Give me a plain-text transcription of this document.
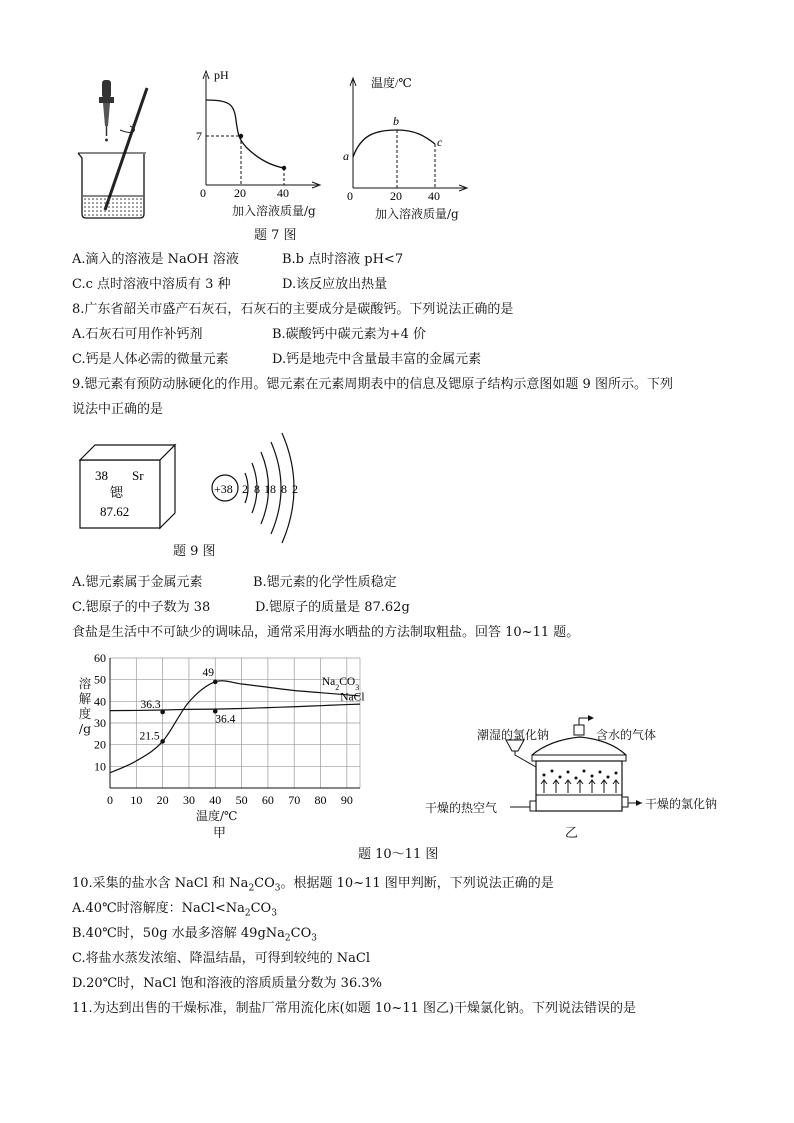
pH
7
0 20	40
加入溶液质量/g
温度/℃
a
b
c
0	20 40
加入溶液质量/g
题 7 图
A.滴入的溶液是 NaOH 溶液	B.b 点时溶液 pH<7
C.c 点时溶液中溶质有 3 种	D.该反应放出热量
8.广东省韶关市盛产石灰石，石灰石的主要成分是碳酸钙。下列说法正确的是
A.石灰石可用作补钙剂	B.碳酸钙中碳元素为+4 价
C.钙是人体必需的微量元素	D.钙是地壳中含量最丰富的金属元素
9.锶元素有预防动脉硬化的作用。锶元素在元素周期表中的信息及锶原子结构示意图如题 9 图所示。下列
说法中正确的是
38 Sr
锶
87.62
+38 2 8 18 8 2
题 9 图
A.锶元素属于金属元素	B.锶元素的化学性质稳定
C.锶原子的中子数为 38	D.锶原子的质量是 87.62g
食盐是生活中不可缺少的调味品，通常采用海水晒盐的方法制取粗盐。回答 10~11 题。
0 10 20 30 40 50 60 70 80 90
10
20
30
40
50
60
$Na_2CO_3$
NaCl
49
36.3
36.4
21.5
溶
解
度
/g
温度/℃
甲
潮湿的氯化钠	含水的气体
干燥的热空气	干燥的氯化钠
乙
题 10～11 图
10.采集的盐水含 NaCl 和 $Na_2CO_3$。根据题 10~11 图甲判断，下列说法正确的是
A.40℃时溶解度：$NaCl<Na_2CO_3$
B.40℃时，50g 水最多溶解 $49gNa_2CO_3$
C.将盐水蒸发浓缩、降温结晶，可得到较纯的 NaCl
D.20℃时，NaCl 饱和溶液的溶质质量分数为 36.3%
11.为达到出售的干燥标准，制盐厂常用流化床(如题 10~11 图乙)干燥氯化钠。下列说法错误的是
